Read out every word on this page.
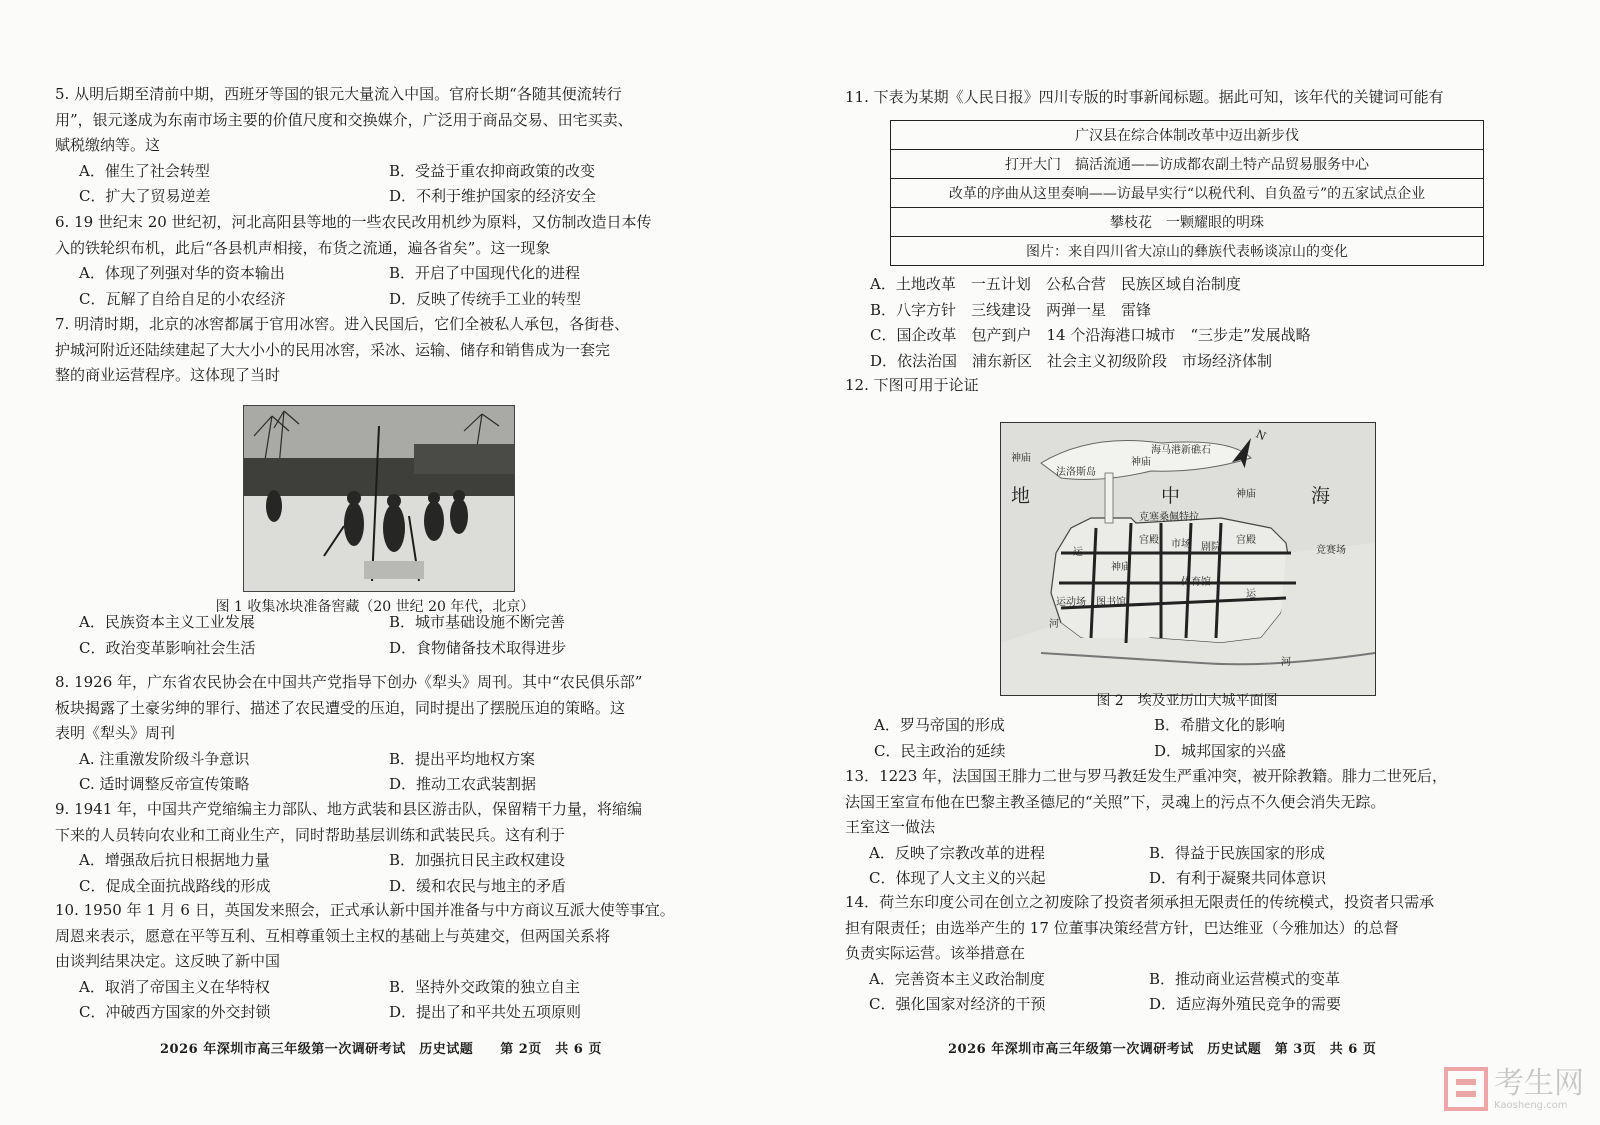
5. 从明后期至清前中期，西班牙等国的银元大量流入中国。官府长期“各随其便流转行
用”，银元遂成为东南市场主要的价值尺度和交换媒介，广泛用于商品交易、田宅买卖、
赋税缴纳等。这

A．催生了社会转型	B．受益于重农抑商政策的改变
C．扩大了贸易逆差	D．不利于维护国家的经济安全

6. 19 世纪末 20 世纪初，河北高阳县等地的一些农民改用机纱为原料，又仿制改造日本传
入的铁轮织布机，此后“各县机声相接，布货之流通，遍各省矣”。这一现象

A．体现了列强对华的资本输出	B．开启了中国现代化的进程
C．瓦解了自给自足的小农经济	D．反映了传统手工业的转型

7. 明清时期，北京的冰窖都属于官用冰窖。进入民国后，它们全被私人承包，各街巷、
护城河附近还陆续建起了大大小小的民用冰窖，采冰、运输、储存和销售成为一套完
整的商业运营程序。这体现了当时

图 1 收集冰块准备窖藏（20 世纪 20 年代，北京）
A．民族资本主义工业发展	B．城市基础设施不断完善
C．政治变革影响社会生活	D．食物储备技术取得进步

8. 1926 年，广东省农民协会在中国共产党指导下创办《犁头》周刊。其中“农民俱乐部”
板块揭露了土豪劣绅的罪行、描述了农民遭受的压迫，同时提出了摆脱压迫的策略。这
表明《犁头》周刊

A. 注重激发阶级斗争意识	B．提出平均地权方案
C. 适时调整反帝宣传策略	D．推动工农武装割据

9. 1941 年，中国共产党缩编主力部队、地方武装和县区游击队，保留精干力量，将缩编
下来的人员转向农业和工商业生产，同时帮助基层训练和武装民兵。这有利于

A．增强敌后抗日根据地力量	B．加强抗日民主政权建设
C．促成全面抗战路线的形成	D．缓和农民与地主的矛盾

10. 1950 年 1 月 6 日，英国发来照会，正式承认新中国并准备与中方商议互派大使等事宜。
周恩来表示，愿意在平等互利、互相尊重领土主权的基础上与英建交，但两国关系将
由谈判结果决定。这反映了新中国

A．取消了帝国主义在华特权	B．坚持外交政策的独立自主
C．冲破西方国家的外交封锁	D．提出了和平共处五项原则
2026 年深圳市高三年级第一次调研考试　历史试题　　第 2页　共 6 页

11. 下表为某期《人民日报》四川专版的时事新闻标题。据此可知，该年代的关键词可能有

广汉县在综合体制改革中迈出新步伐
打开大门　搞活流通——访成都农副土特产品贸易服务中心
改革的序曲从这里奏响——访最早实行“以税代利、自负盈亏”的五家试点企业
攀枝花　一颗耀眼的明珠
图片：来自四川省大凉山的彝族代表畅谈凉山的变化

A．土地改革　一五计划　公私合营　民族区域自治制度

B．八字方针　三线建设　两弹一星　雷锋

C．国企改革　包产到户　14 个沿海港口城市　“三步走”发展战略

D．依法治国　浦东新区　社会主义初级阶段　市场经济体制

12. 下图可用于论证

N
海马港新礁石
神庙	神庙
法洛斯岛
神庙
克塞桑佩特拉
地	中	海
宫殿 市场 剧院
宫殿
神庙
体育馆
运动场 图书馆
竞赛场
运
河
运
河
图 2　埃及亚历山大城平面图
A．罗马帝国的形成	B．希腊文化的影响
C．民主政治的延续	D．城邦国家的兴盛

13．1223 年，法国国王腓力二世与罗马教廷发生严重冲突，被开除教籍。腓力二世死后，
法国王室宣布他在巴黎主教圣德尼的“关照”下，灵魂上的污点不久便会消失无踪。
王室这一做法

A．反映了宗教改革的进程	B．得益于民族国家的形成
C．体现了人文主义的兴起	D．有利于凝聚共同体意识

14．荷兰东印度公司在创立之初废除了投资者须承担无限责任的传统模式，投资者只需承
担有限责任；由选举产生的 17 位董事决策经营方针，巴达维亚（今雅加达）的总督
负责实际运营。该举措意在

A．完善资本主义政治制度	B．推动商业运营模式的变革
C．强化国家对经济的干预	D．适应海外殖民竞争的需要
2026 年深圳市高三年级第一次调研考试　历史试题　第 3页　共 6 页
考生网
Kaosheng.com
